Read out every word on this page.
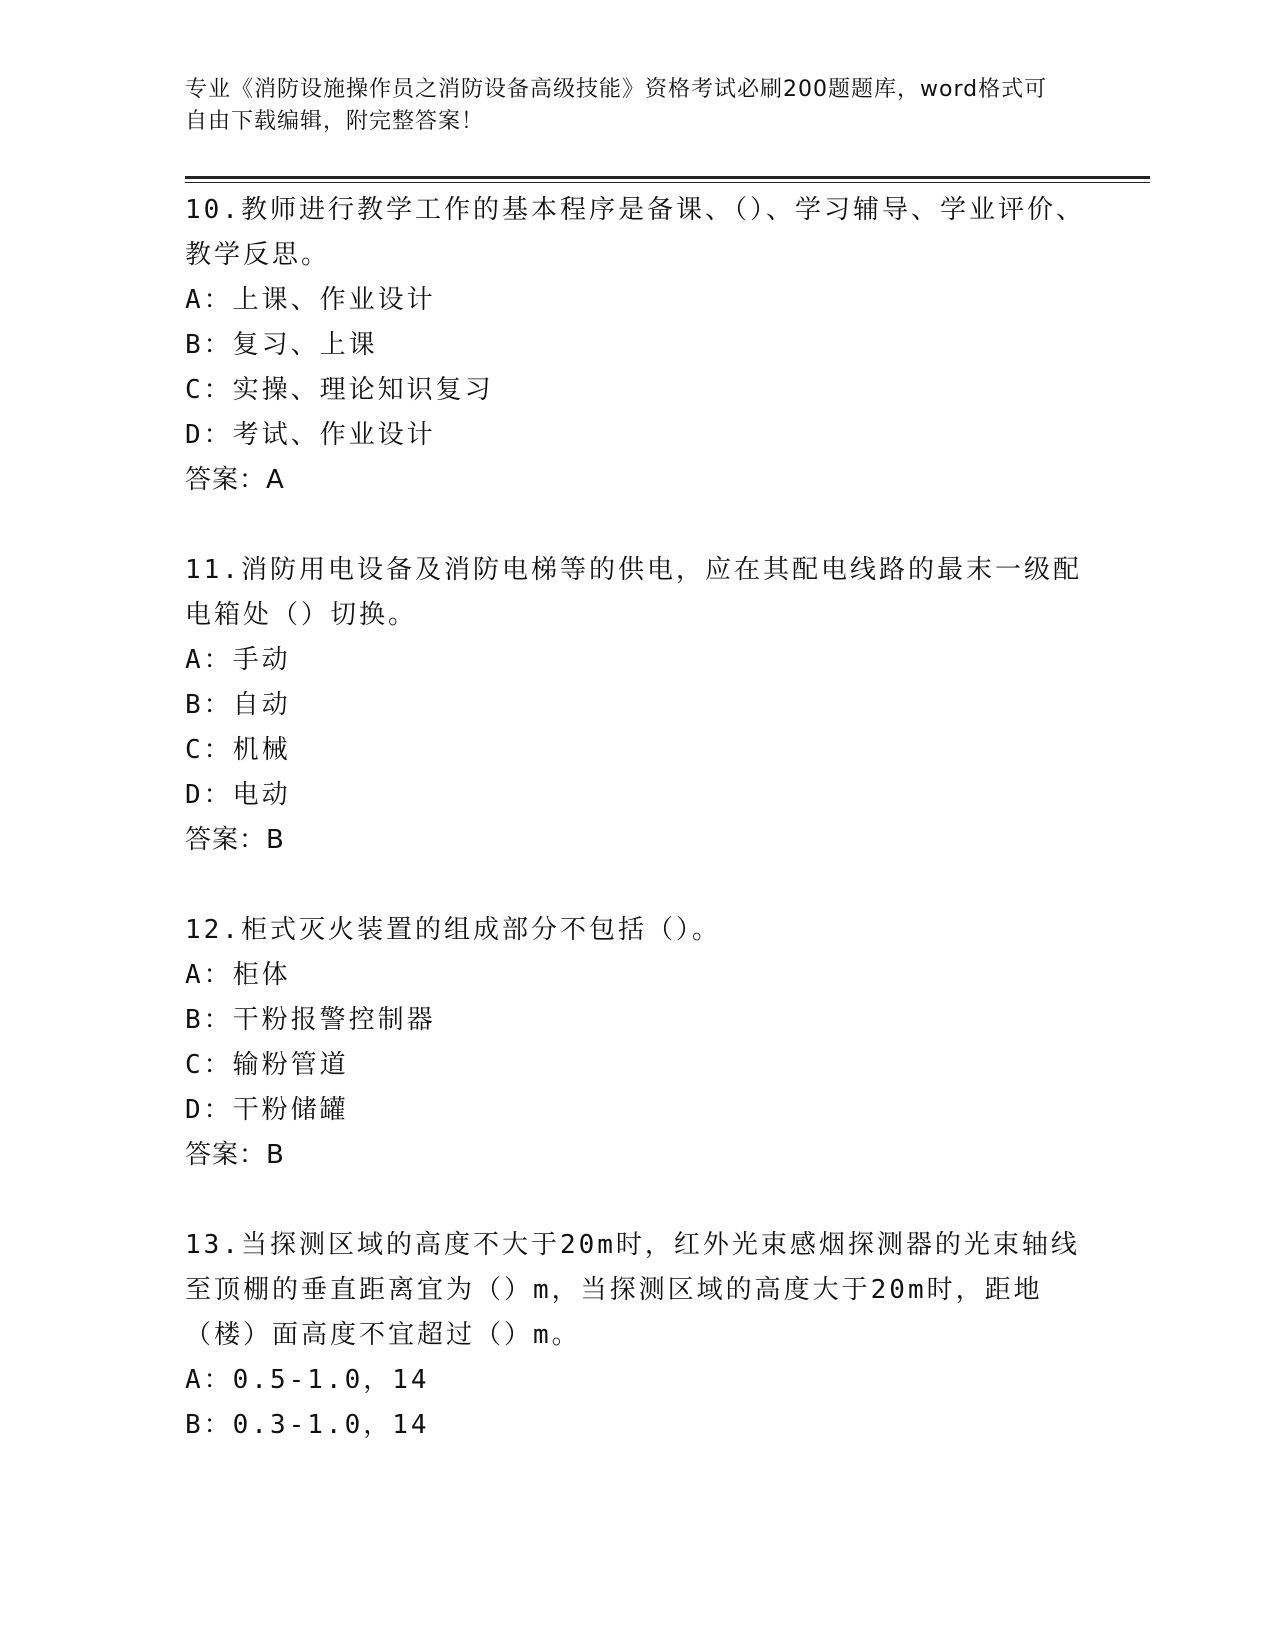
专业《消防设施操作员之消防设备高级技能》资格考试必刷200题题库，word格式可自由下载编辑，附完整答案！

10.教师进行教学工作的基本程序是备课、（）、学习辅导、学业评价、教学反思。

A：上课、作业设计

B：复习、上课

C：实操、理论知识复习

D：考试、作业设计

答案：A

11.消防用电设备及消防电梯等的供电，应在其配电线路的最末一级配电箱处（）切换。

A：手动

B：自动

C：机械

D：电动

答案：B

12.柜式灭火装置的组成部分不包括（）。

A：柜体

B：干粉报警控制器

C：输粉管道

D：干粉储罐

答案：B

13.当探测区域的高度不大于20m时，红外光束感烟探测器的光束轴线至顶棚的垂直距离宜为（）m，当探测区域的高度大于20m时，距地（楼）面高度不宜超过（）m。

A：0.5-1.0，14

B：0.3-1.0，14
